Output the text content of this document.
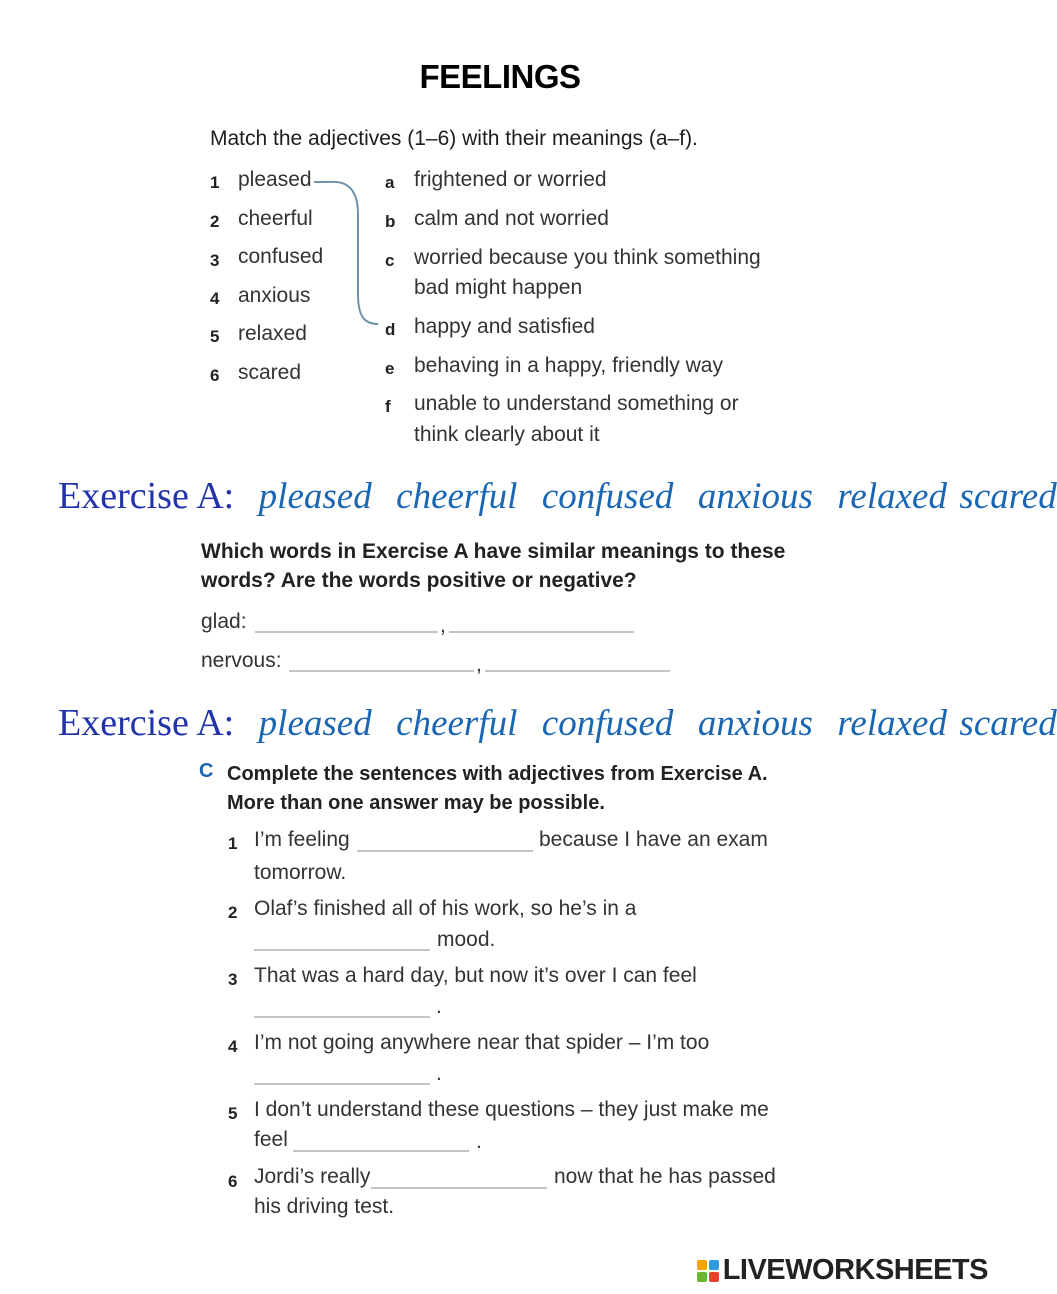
FEELINGS
Match the adjectives (1–6) with their meanings (a–f).
1 pleased
2 cheerful
3 confused
4 anxious
5 relaxed
6 scared
a frightened or worried
b calm and not worried
c worried because you think something
bad might happen
d happy and satisfied
e behaving in a happy, friendly way
f unable to understand something or
think clearly about it
Exercise A: pleased cheerful confused anxious relaxed scared
Which words in Exercise A have similar meanings to these
words? Are the words positive or negative?
glad:	,
nervous:	,
Exercise A: pleased cheerful confused anxious relaxed scared
C Complete the sentences with adjectives from Exercise A.
More than one answer may be possible.
1 I’m feeling	because I have an exam
tomorrow.
2 Olaf’s finished all of his work, so he’s in a
mood.
3 That was a hard day, but now it’s over I can feel
.
4 I’m not going anywhere near that spider – I’m too
.
5 I don’t understand these questions – they just make me
feel	.
6 Jordi’s really	now that he has passed
his driving test.
LIVEWORKSHEETS
